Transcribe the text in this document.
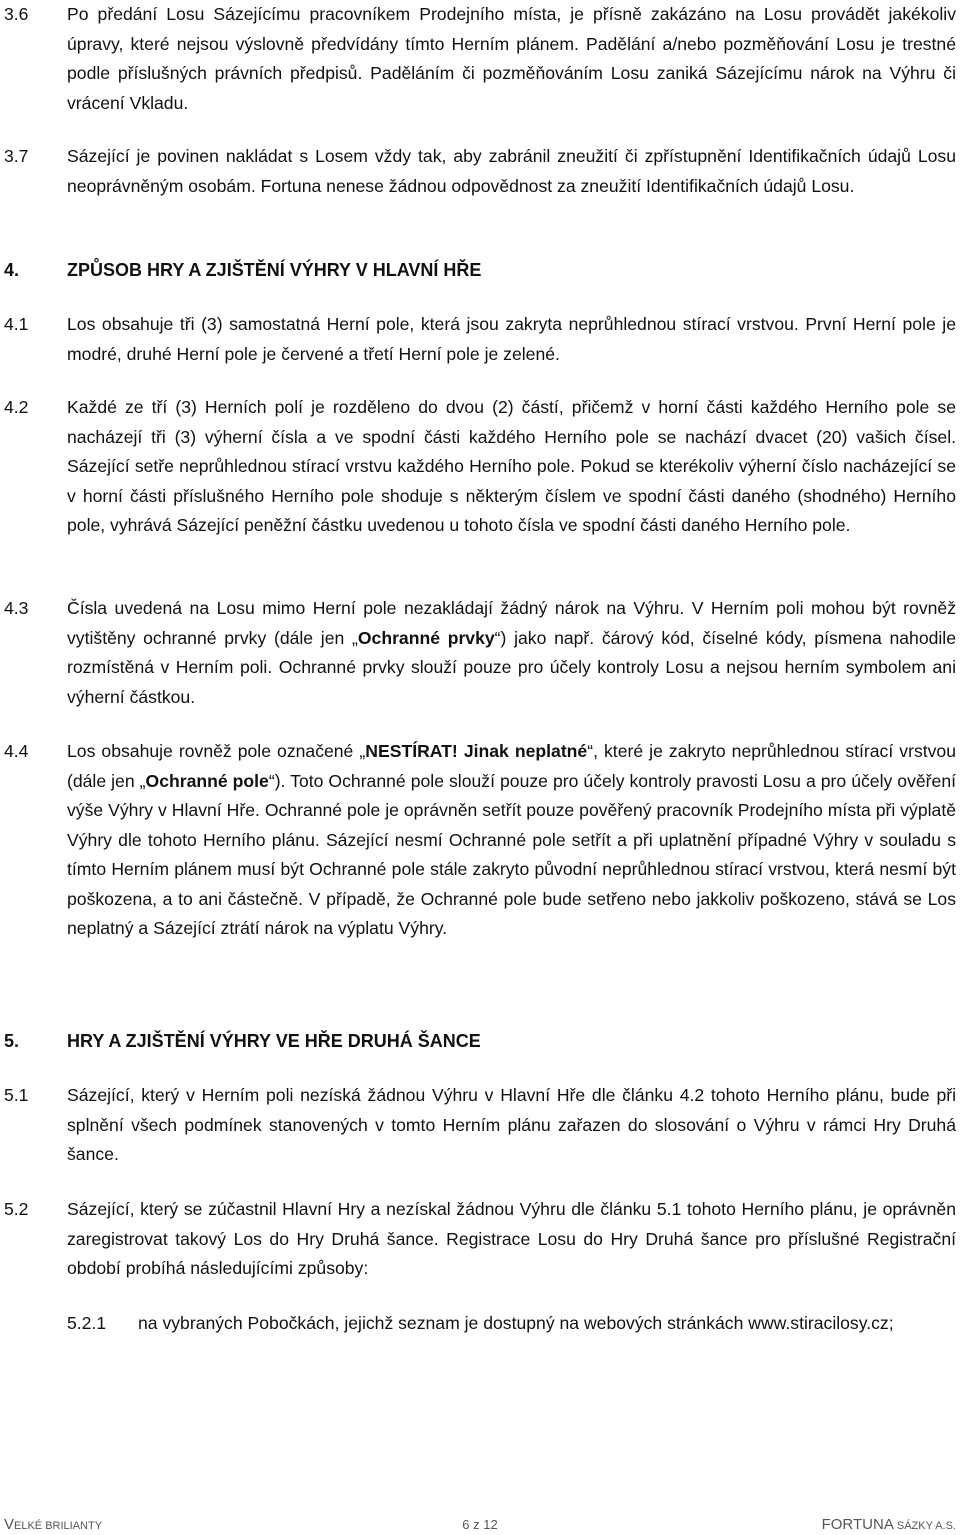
3.6 Po předání Losu Sázejícímu pracovníkem Prodejního místa, je přísně zakázáno na Losu provádět jakékoliv úpravy, které nejsou výslovně předvídány tímto Herním plánem. Padělání a/nebo pozměňování Losu je trestné podle příslušných právních předpisů. Paděláním či pozměňováním Losu zaniká Sázejícímu nárok na Výhru či vrácení Vkladu.
3.7 Sázející je povinen nakládat s Losem vždy tak, aby zabránil zneužití či zpřístupnění Identifikačních údajů Losu neoprávněným osobám. Fortuna nenese žádnou odpovědnost za zneužití Identifikačních údajů Losu.
4.	ZPŮSOB HRY A ZJIŠTĚNÍ VÝHRY V HLAVNÍ HŘE
4.1 Los obsahuje tři (3) samostatná Herní pole, která jsou zakryta neprůhlednou stírací vrstvou. První Herní pole je modré, druhé Herní pole je červené a třetí Herní pole je zelené.
4.2 Každé ze tří (3) Herních polí je rozděleno do dvou (2) částí, přičemž v horní části každého Herního pole se nacházejí tři (3) výherní čísla a ve spodní části každého Herního pole se nachází dvacet (20) vašich čísel. Sázející setře neprůhlednou stírací vrstvu každého Herního pole. Pokud se kterékoliv výherní číslo nacházející se v horní části příslušného Herního pole shoduje s některým číslem ve spodní části daného (shodného) Herního pole, vyhrává Sázející peněžní částku uvedenou u tohoto čísla ve spodní části daného Herního pole.
4.3 Čísla uvedená na Losu mimo Herní pole nezakládají žádný nárok na Výhru. V Herním poli mohou být rovněž vytištěny ochranné prvky (dále jen „Ochranné prvky“) jako např. čárový kód, číselné kódy, písmena nahodile rozmístěná v Herním poli. Ochranné prvky slouží pouze pro účely kontroly Losu a nejsou herním symbolem ani výherní částkou.
4.4 Los obsahuje rovněž pole označené „NESTÍRAT! Jinak neplatné“, které je zakryto neprůhlednou stírací vrstvou (dále jen „Ochranné pole“). Toto Ochranné pole slouží pouze pro účely kontroly pravosti Losu a pro účely ověření výše Výhry v Hlavní Hře. Ochranné pole je oprávněn setřít pouze pověřený pracovník Prodejního místa při výplatě Výhry dle tohoto Herního plánu. Sázející nesmí Ochranné pole setřít a při uplatnění případné Výhry v souladu s tímto Herním plánem musí být Ochranné pole stále zakryto původní neprůhlednou stírací vrstvou, která nesmí být poškozena, a to ani částečně. V případě, že Ochranné pole bude setřeno nebo jakkoliv poškozeno, stává se Los neplatný a Sázející ztrátí nárok na výplatu Výhry.
5.	HRY A ZJIŠTĚNÍ VÝHRY VE HŘE DRUHÁ ŠANCE
5.1 Sázející, který v Herním poli nezíská žádnou Výhru v Hlavní Hře dle článku 4.2 tohoto Herního plánu, bude při splnění všech podmínek stanovených v tomto Herním plánu zařazen do slosování o Výhru v rámci Hry Druhá šance.
5.2 Sázející, který se zúčastnil Hlavní Hry a nezískal žádnou Výhru dle článku 5.1 tohoto Herního plánu, je oprávněn zaregistrovat takový Los do Hry Druhá šance. Registrace Losu do Hry Druhá šance pro příslušné Registrační období probíhá následujícími způsoby:
5.2.1 na vybraných Pobočkách, jejichž seznam je dostupný na webových stránkách www.stiracilosy.cz;
VELKÉ BRILIANTY	6 z 12	FORTUNA SÁZKY A.S.
